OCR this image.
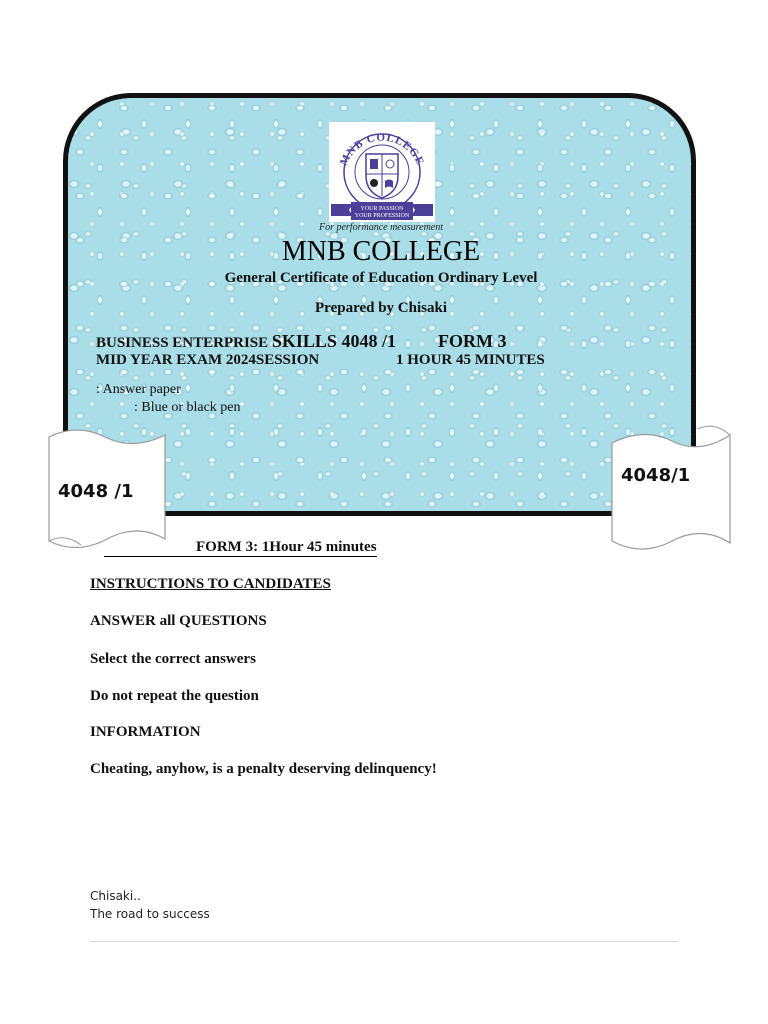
MNB COLLEGE
YOUR PASSION
YOUR PROFESSION
For performance measurement
MNB COLLEGE
General Certificate of Education Ordinary Level
Prepared by Chisaki
BUSINESS ENTERPRISE SKILLS 4048 /1 FORM 3
MID YEAR EXAM 2024SESSION	1 HOUR 45 MINUTES
: Answer paper
: Blue or black pen
4048 /1
4048/1
FORM 3: 1Hour 45 minutes
INSTRUCTIONS TO CANDIDATES
ANSWER all QUESTIONS
Select the correct answers
Do not repeat the question
INFORMATION
Cheating, anyhow, is a penalty deserving delinquency!
Chisaki..
The road to success
